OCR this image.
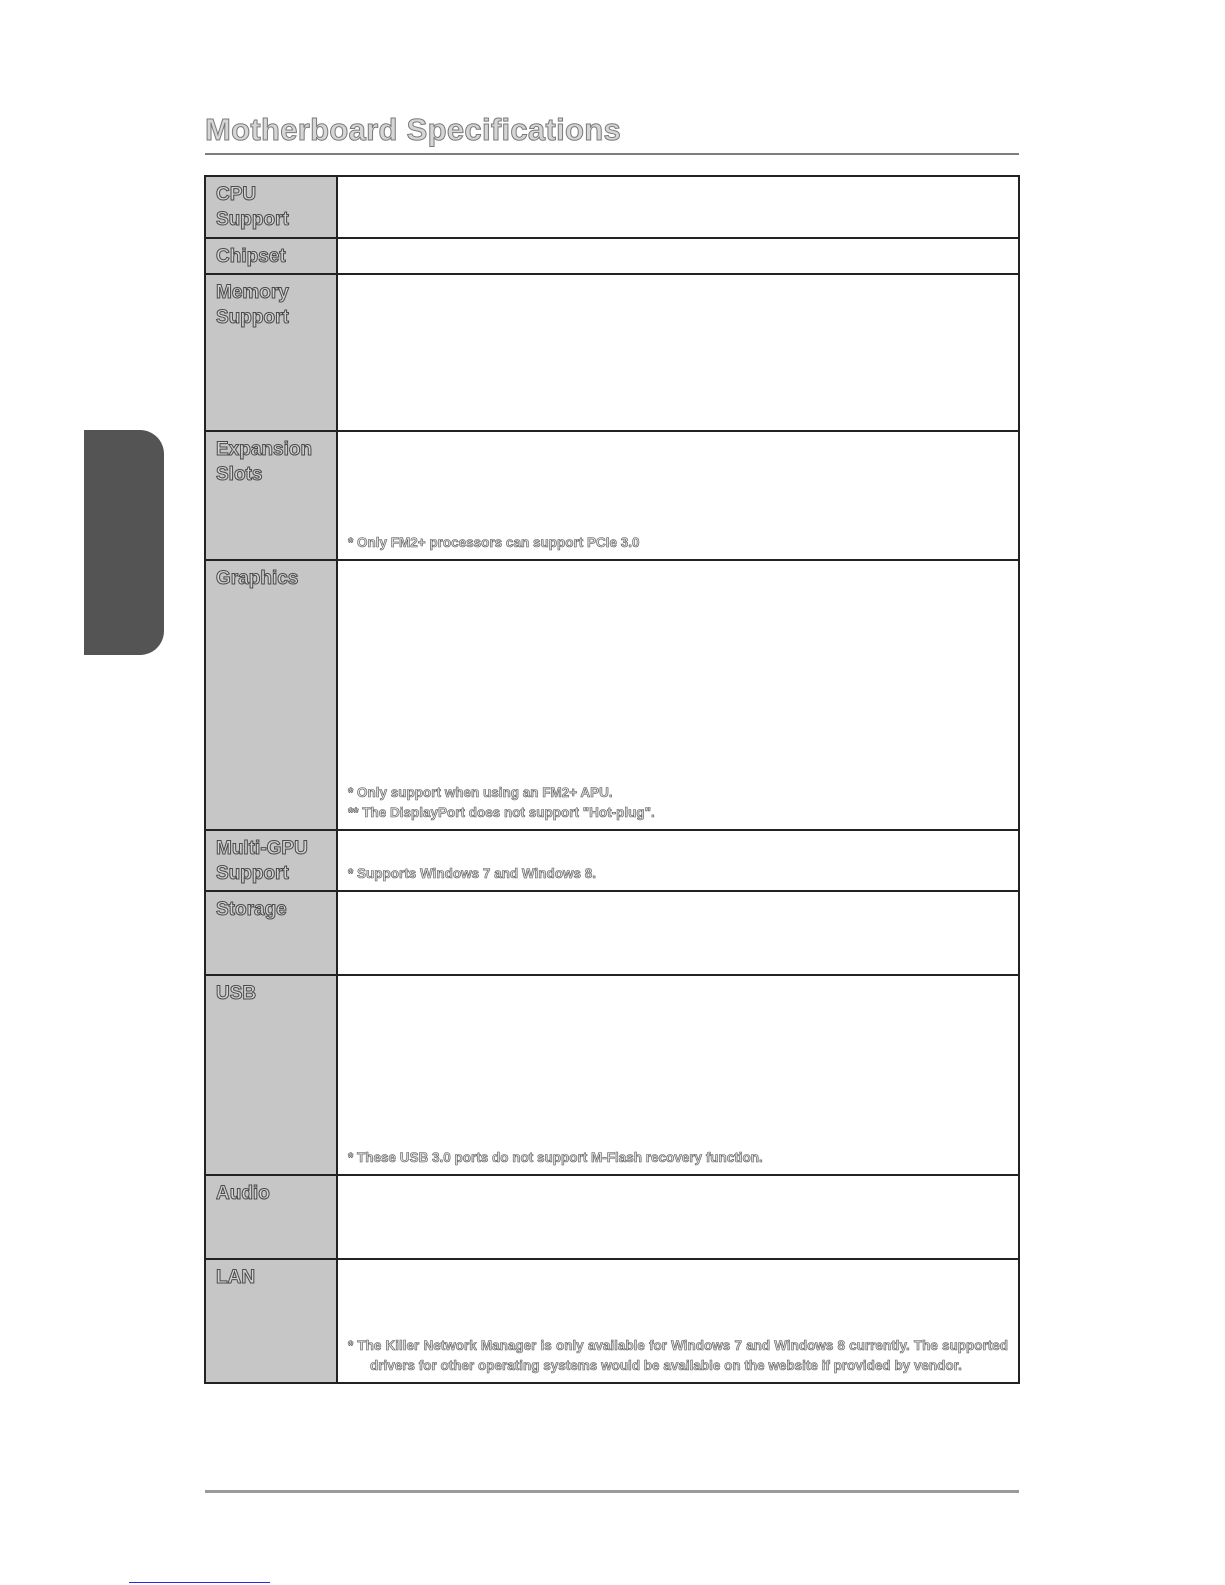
Motherboard Specifications
CPU
Support	

Chipset	

Memory
Support	

Expansion
Slots	* Only FM2+ processors can support PCIe 3.0

Graphics	* Only support when using an FM2+ APU.
** The DisplayPort does not support "Hot-plug".

Multi-GPU
Support	* Supports Windows 7 and Windows 8.

Storage	

USB	* These USB 3.0 ports do not support M-Flash recovery function.

Audio	

LAN	* The Killer Network Manager is only available for Windows 7 and Windows 8 currently. The supported drivers for other operating systems would be available on the website if provided by vendor.
